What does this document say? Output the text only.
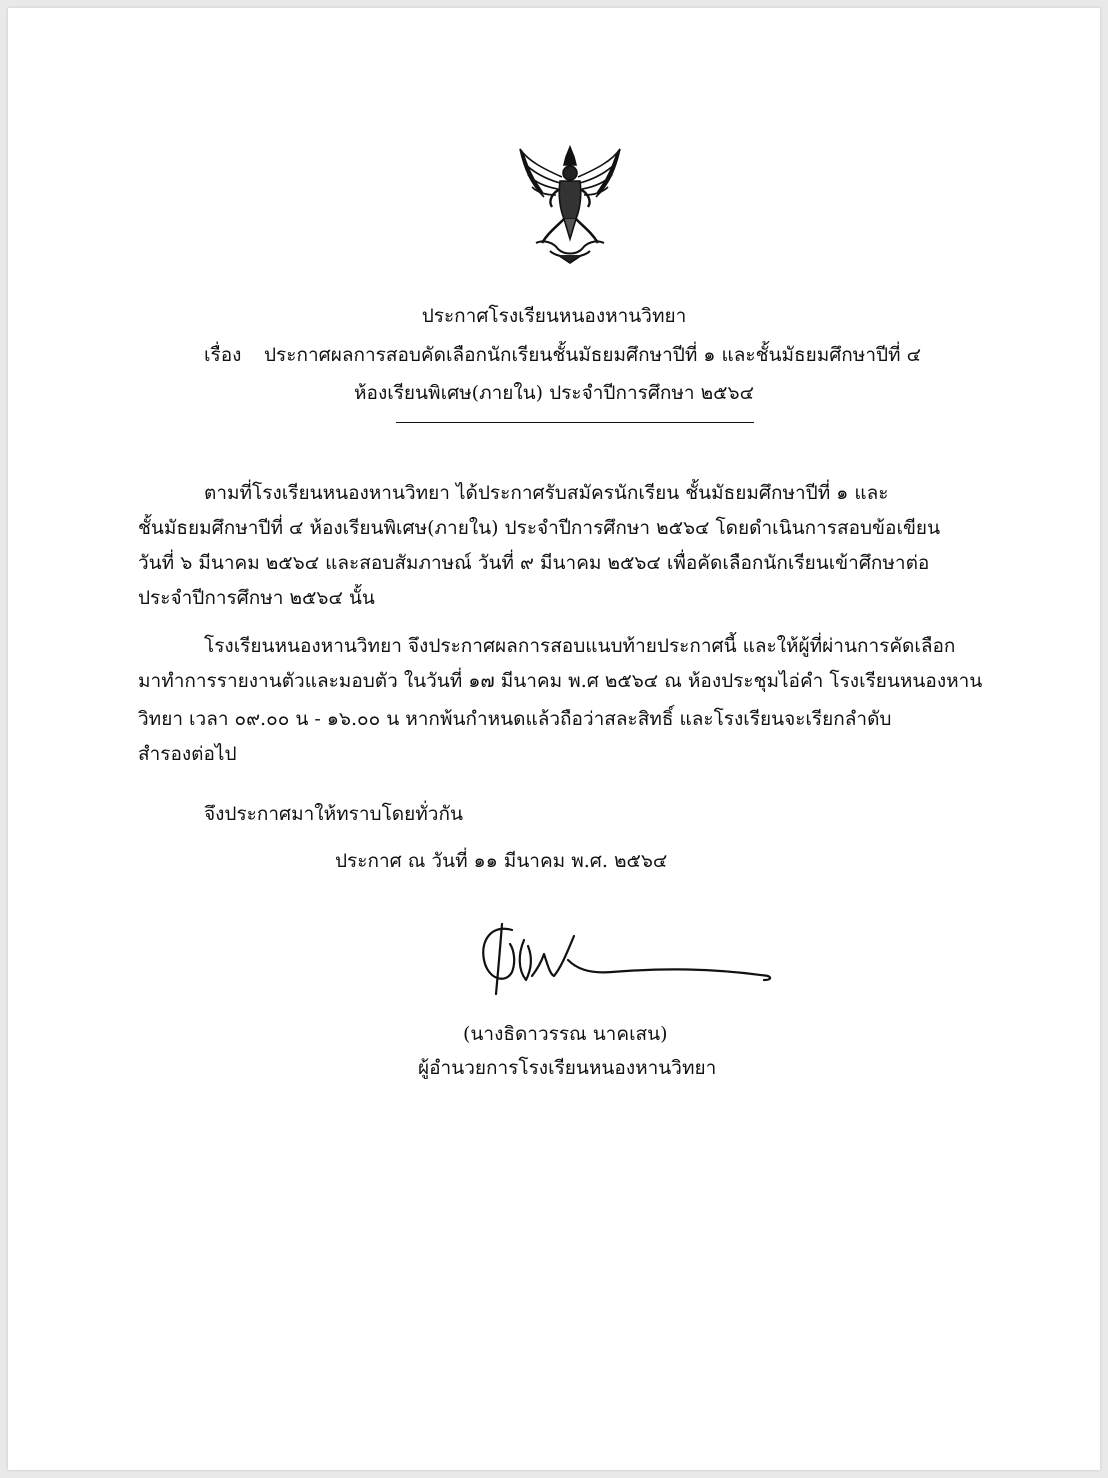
ประกาศโรงเรียนหนองหานวิทยา
เรื่อง ประกาศผลการสอบคัดเลือกนักเรียนชั้นมัธยมศึกษาปีที่ ๑ และชั้นมัธยมศึกษาปีที่ ๔
ห้องเรียนพิเศษ(ภายใน) ประจำปีการศึกษา ๒๕๖๔
ตามที่โรงเรียนหนองหานวิทยา ได้ประกาศรับสมัครนักเรียน ชั้นมัธยมศึกษาปีที่ ๑ และ
ชั้นมัธยมศึกษาปีที่ ๔ ห้องเรียนพิเศษ(ภายใน) ประจำปีการศึกษา ๒๕๖๔ โดยดำเนินการสอบข้อเขียน
วันที่ ๖ มีนาคม ๒๕๖๔ และสอบสัมภาษณ์ วันที่ ๙ มีนาคม ๒๕๖๔ เพื่อคัดเลือกนักเรียนเข้าศึกษาต่อ
ประจำปีการศึกษา ๒๕๖๔ นั้น
โรงเรียนหนองหานวิทยา จึงประกาศผลการสอบแนบท้ายประกาศนี้ และให้ผู้ที่ผ่านการคัดเลือก
มาทำการรายงานตัวและมอบตัว ในวันที่ ๑๗ มีนาคม พ.ศ ๒๕๖๔ ณ ห้องประชุมไอ่คำ โรงเรียนหนองหาน
วิทยา เวลา ๐๙.๐๐ น - ๑๖.๐๐ น หากพ้นกำหนดแล้วถือว่าสละสิทธิ์ และโรงเรียนจะเรียกลำดับ
สำรองต่อไป
จึงประกาศมาให้ทราบโดยทั่วกัน
ประกาศ ณ วันที่ ๑๑ มีนาคม พ.ศ. ๒๕๖๔
(นางธิดาวรรณ นาคเสน)
ผู้อำนวยการโรงเรียนหนองหานวิทยา
